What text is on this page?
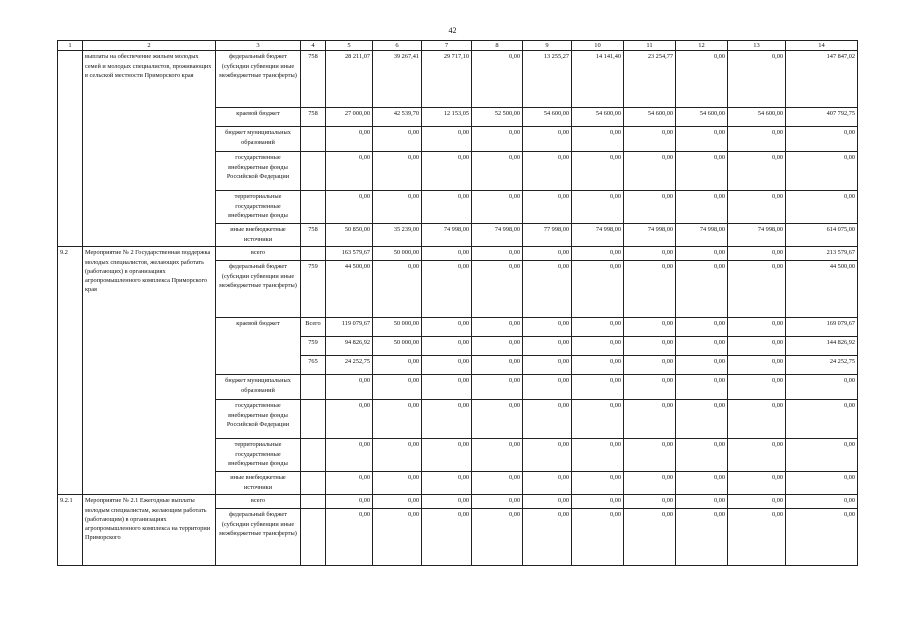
42
1	2	3	4	5	6	7	8	9	10	11	12	13	14
	выплаты на обеспечение жильем молодых семей и молодых специалистов, проживающих в сельской местности Приморского края	федеральный бюджет (субсидии субвенции иные межбюджетные трансферты)	758	28 211,07	39 267,41	29 717,10	0,00	13 255,27	14 141,40	23 254,77	0,00	0,00	147 847,02
		краевой бюджет	758	27 000,00	42 539,70	12 153,05	52 500,00	54 600,00	54 600,00	54 600,00	54 600,00	54 600,00	407 792,75
		бюджет муниципальных образований		0,00	0,00	0,00	0,00	0,00	0,00	0,00	0,00	0,00	0,00
		государственные внебюджетные фонды Российской Федерации		0,00	0,00	0,00	0,00	0,00	0,00	0,00	0,00	0,00	0,00
		территориальные государственные внебюджетные фонды		0,00	0,00	0,00	0,00	0,00	0,00	0,00	0,00	0,00	0,00
		иные внебюджетные источники	758	50 850,00	35 239,00	74 998,00	74 998,00	77 998,00	74 998,00	74 998,00	74 998,00	74 998,00	614 075,00
9.2	Мероприятие № 2 Государственная поддержка молодых специалистов, желающих работать (работающих) в организациях агропромышленного комплекса Приморского края	всего		163 579,67	50 000,00	0,00	0,00	0,00	0,00	0,00	0,00	0,00	213 579,67
		федеральный бюджет (субсидии субвенции иные межбюджетные трансферты)	759	44 500,00	0,00	0,00	0,00	0,00	0,00	0,00	0,00	0,00	44 500,00
		краевой бюджет	Всего	119 079,67	50 000,00	0,00	0,00	0,00	0,00	0,00	0,00	0,00	169 079,67
			759	94 826,92	50 000,00	0,00	0,00	0,00	0,00	0,00	0,00	0,00	144 826,92
			765	24 252,75	0,00	0,00	0,00	0,00	0,00	0,00	0,00	0,00	24 252,75
		бюджет муниципальных образований		0,00	0,00	0,00	0,00	0,00	0,00	0,00	0,00	0,00	0,00
		государственные внебюджетные фонды Российской Федерации		0,00	0,00	0,00	0,00	0,00	0,00	0,00	0,00	0,00	0,00
		территориальные государственные внебюджетные фонды		0,00	0,00	0,00	0,00	0,00	0,00	0,00	0,00	0,00	0,00
		иные внебюджетные источники		0,00	0,00	0,00	0,00	0,00	0,00	0,00	0,00	0,00	0,00
9.2.1	Мероприятие № 2.1 Ежегодные выплаты молодым специалистам, желающим работать (работающим) в организациях агропромышленного комплекса на территории Приморского	всего		0,00	0,00	0,00	0,00	0,00	0,00	0,00	0,00	0,00	0,00
		федеральный бюджет (субсидии субвенции иные межбюджетные трансферты)		0,00	0,00	0,00	0,00	0,00	0,00	0,00	0,00	0,00	0,00
